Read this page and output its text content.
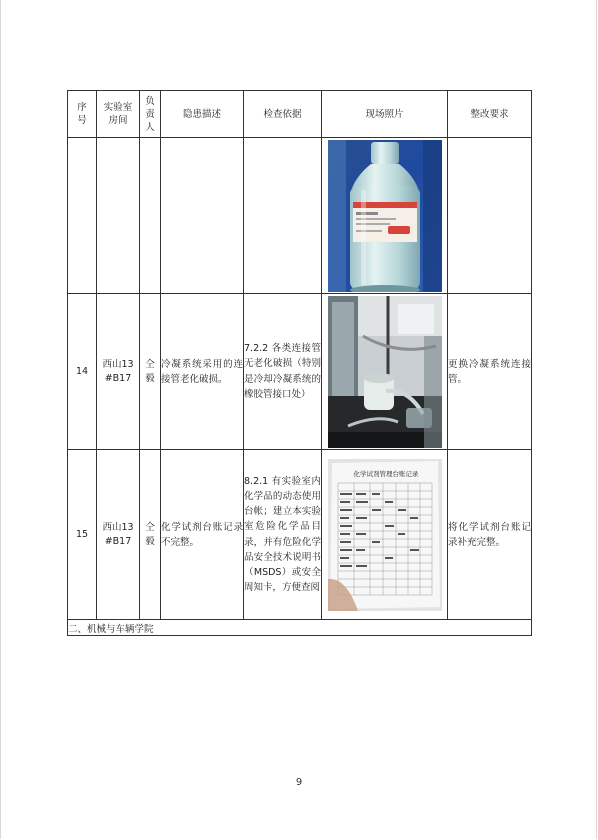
序号	实验室房间	负责人	隐患描述	检查依据	现场照片	整改要求

14	西山13#B17	仝毅	冷凝系统采用的连接管老化破损。	7.2.2 各类连接管无老化破损（特别是冷却冷凝系统的橡胶管接口处）		更换冷凝系统连接管。
15	西山13#B17	仝毅	化学试剂台账记录不完整。	8.2.1 有实验室内化学品的动态使用台帐；建立本实验室危险化学品目录，并有危险化学品安全技术说明书（MSDS）或安全周知卡，方便查阅	化学试剂管理台账记录	将化学试剂台账记录补充完整。
二、机械与车辆学院						
9
